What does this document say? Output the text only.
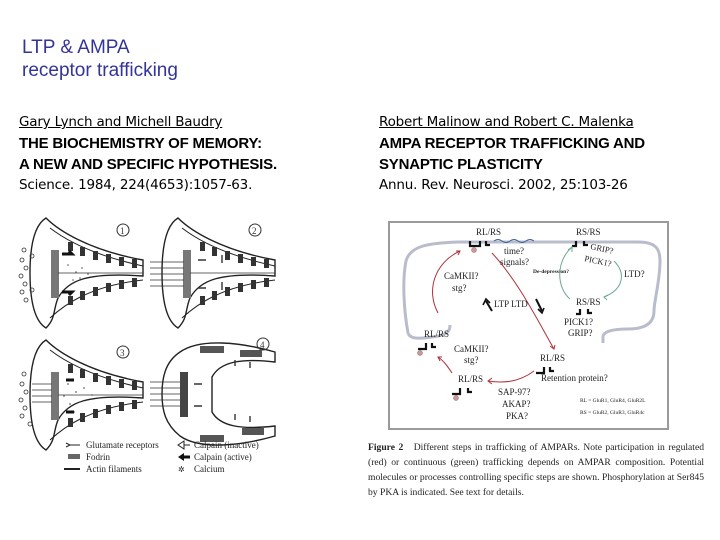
LTP & AMPA
receptor trafficking
Gary Lynch and Michell Baudry
THE BIOCHEMISTRY OF MEMORY:
A NEW AND SPECIFIC HYPOTHESIS.
Science. 1984, 224(4653):1057-63.
Robert Malinow and Robert C. Malenka
AMPA RECEPTOR TRAFFICKING AND
SYNAPTIC PLASTICITY
Annu. Rev. Neurosci. 2002, 25:103-26
1	2
3
4
Glutamate receptors
Fodrin
Actin filaments
Calpain (inactive)
Calpain (active)
✲ Calcium
RL/RS	RS/RS
time?
signals?
GRIP?
PICK1?
De-depression?	LTD?
CaMKII?
stg?
LTP LTD	RS/RS
PICK1?
GRIP?
RL/RS
CaMKII?
stg?	RL/RS
Retention protein?
RL/RS
SAP-97?
AKAP?
PKA?
RL = GluR1, GluR4, GluR2L
RS = GluR2, GluR3, GluR4c
Figure 2 Different steps in trafficking of AMPARs. Note participation in regulated (red) or continuous (green) trafficking depends on AMPAR composition. Potential molecules or processes controlling specific steps are shown. Phosphorylation at Ser845 by PKA is indicated. See text for details.
